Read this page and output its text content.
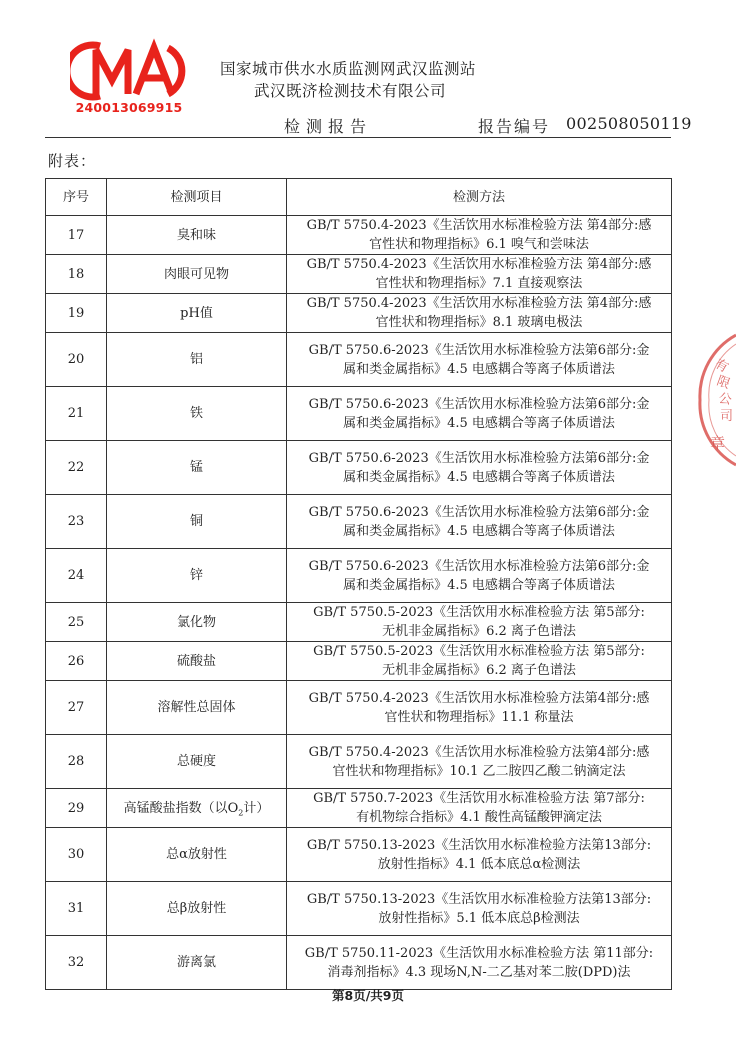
240013069915
国家城市供水水质监测网武汉监测站
武汉既济检测技术有限公司
检测报告	报告编号 002508050119
附表：
序号	检测项目	检测方法
17	臭和味	GB/T 5750.4-2023《生活饮用水标准检验方法 第4部分:感
官性状和物理指标》6.1 嗅气和尝味法

18	肉眼可见物	GB/T 5750.4-2023《生活饮用水标准检验方法 第4部分:感
官性状和物理指标》7.1 直接观察法

19	pH值	GB/T 5750.4-2023《生活饮用水标准检验方法 第4部分:感
官性状和物理指标》8.1 玻璃电极法

20	铝	GB/T 5750.6-2023《生活饮用水标准检验方法第6部分:金
属和类金属指标》4.5 电感耦合等离子体质谱法

21	铁	GB/T 5750.6-2023《生活饮用水标准检验方法第6部分:金
属和类金属指标》4.5 电感耦合等离子体质谱法

22	锰	GB/T 5750.6-2023《生活饮用水标准检验方法第6部分:金
属和类金属指标》4.5 电感耦合等离子体质谱法

23	铜	GB/T 5750.6-2023《生活饮用水标准检验方法第6部分:金
属和类金属指标》4.5 电感耦合等离子体质谱法

24	锌	GB/T 5750.6-2023《生活饮用水标准检验方法第6部分:金
属和类金属指标》4.5 电感耦合等离子体质谱法

25	氯化物	GB/T 5750.5-2023《生活饮用水标准检验方法 第5部分:
无机非金属指标》6.2 离子色谱法

26	硫酸盐	GB/T 5750.5-2023《生活饮用水标准检验方法 第5部分:
无机非金属指标》6.2 离子色谱法

27	溶解性总固体	GB/T 5750.4-2023《生活饮用水标准检验方法第4部分:感
官性状和物理指标》11.1 称量法

28	总硬度	GB/T 5750.4-2023《生活饮用水标准检验方法第4部分:感
官性状和物理指标》10.1 乙二胺四乙酸二钠滴定法

29	高锰酸盐指数（以$O_2$计）	GB/T 5750.7-2023《生活饮用水标准检验方法 第7部分:
有机物综合指标》4.1 酸性高锰酸钾滴定法

30	总α放射性	GB/T 5750.13-2023《生活饮用水标准检验方法第13部分:
放射性指标》4.1 低本底总α检测法

31	总β放射性	GB/T 5750.13-2023《生活饮用水标准检验方法第13部分:
放射性指标》5.1 低本底总β检测法

32	游离氯	GB/T 5750.11-2023《生活饮用水标准检验方法 第11部分:
消毒剂指标》4.3 现场N,N-二乙基对苯二胺(DPD)法
第8页/共9页
有
限
公
司
章
